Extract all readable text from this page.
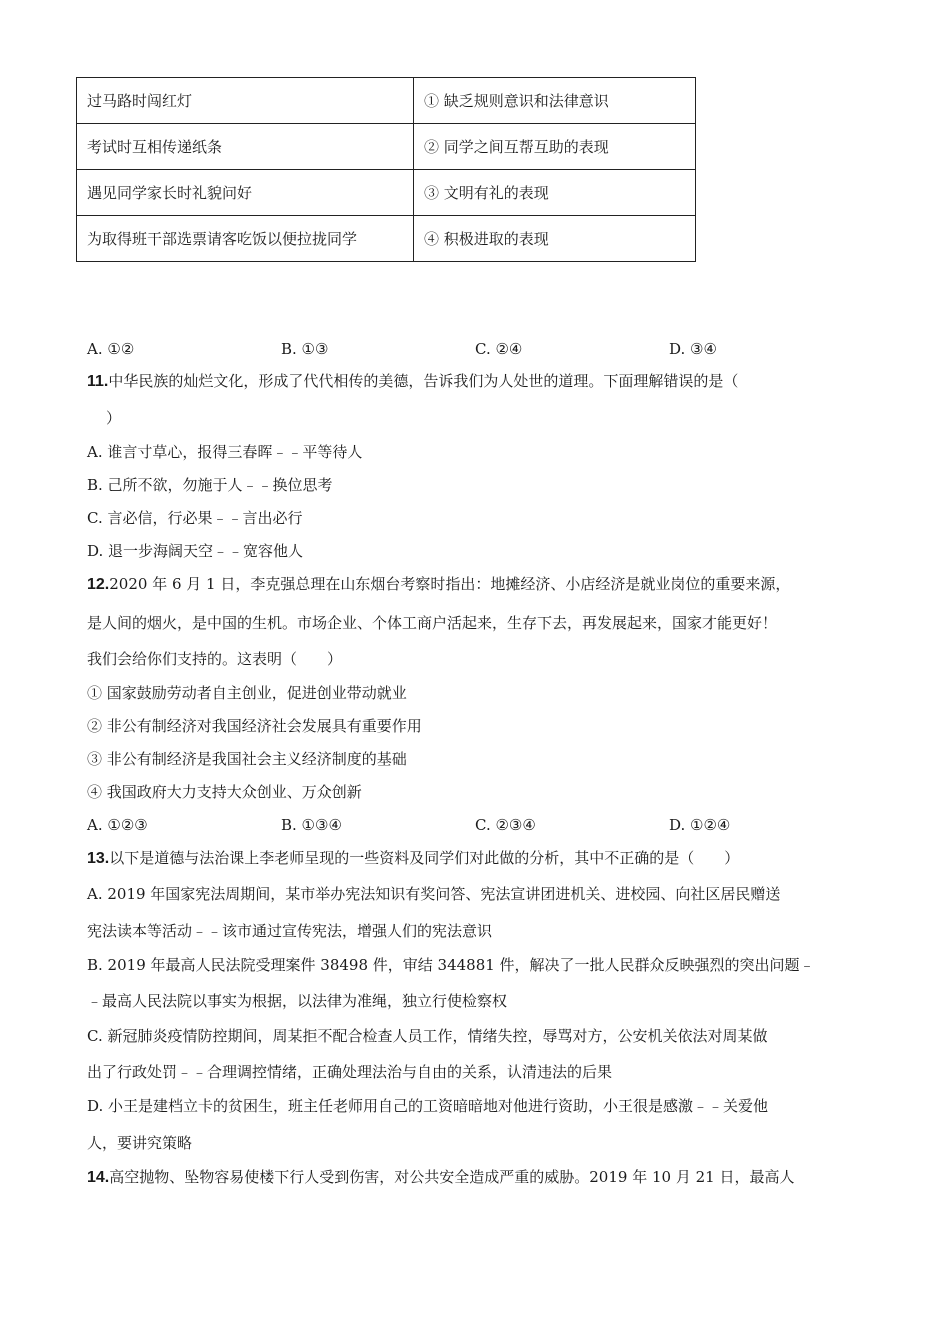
过马路时闯红灯	① 缺乏规则意识和法律意识
考试时互相传递纸条	② 同学之间互帮互助的表现
遇见同学家长时礼貌问好	③ 文明有礼的表现
为取得班干部选票请客吃饭以便拉拢同学	④ 积极进取的表现
A. ①②	B. ①③	C. ②④	D. ③④
11.中华民族的灿烂文化，形成了代代相传的美德，告诉我们为人处世的道理。下面理解错误的是（
）
A. 谁言寸草心，报得三春晖﹣﹣平等待人
B. 己所不欲，勿施于人﹣﹣换位思考
C. 言必信，行必果﹣﹣言出必行
D. 退一步海阔天空﹣﹣宽容他人
12.2020 年 6 月 1 日，李克强总理在山东烟台考察时指出：地摊经济、小店经济是就业岗位的重要来源，
是人间的烟火，是中国的生机。市场企业、个体工商户活起来，生存下去，再发展起来，国家才能更好！
我们会给你们支持的。这表明（　　）
① 国家鼓励劳动者自主创业，促进创业带动就业
② 非公有制经济对我国经济社会发展具有重要作用
③ 非公有制经济是我国社会主义经济制度的基础
④ 我国政府大力支持大众创业、万众创新
A. ①②③	B. ①③④	C. ②③④	D. ①②④
13.以下是道德与法治课上李老师呈现的一些资料及同学们对此做的分析，其中不正确的是（　　）
A. 2019 年国家宪法周期间，某市举办宪法知识有奖问答、宪法宣讲团进机关、进校园、向社区居民赠送
宪法读本等活动﹣﹣该市通过宣传宪法，增强人们的宪法意识
B. 2019 年最高人民法院受理案件 38498 件，审结 344881 件，解决了一批人民群众反映强烈的突出问题﹣
﹣最高人民法院以事实为根据，以法律为准绳，独立行使检察权
C. 新冠肺炎疫情防控期间，周某拒不配合检查人员工作，情绪失控，辱骂对方，公安机关依法对周某做
出了行政处罚﹣﹣合理调控情绪，正确处理法治与自由的关系，认清违法的后果
D. 小王是建档立卡的贫困生，班主任老师用自己的工资暗暗地对他进行资助，小王很是感激﹣﹣关爱他
人，要讲究策略
14.高空抛物、坠物容易使楼下行人受到伤害，对公共安全造成严重的威胁。2019 年 10 月 21 日，最高人
